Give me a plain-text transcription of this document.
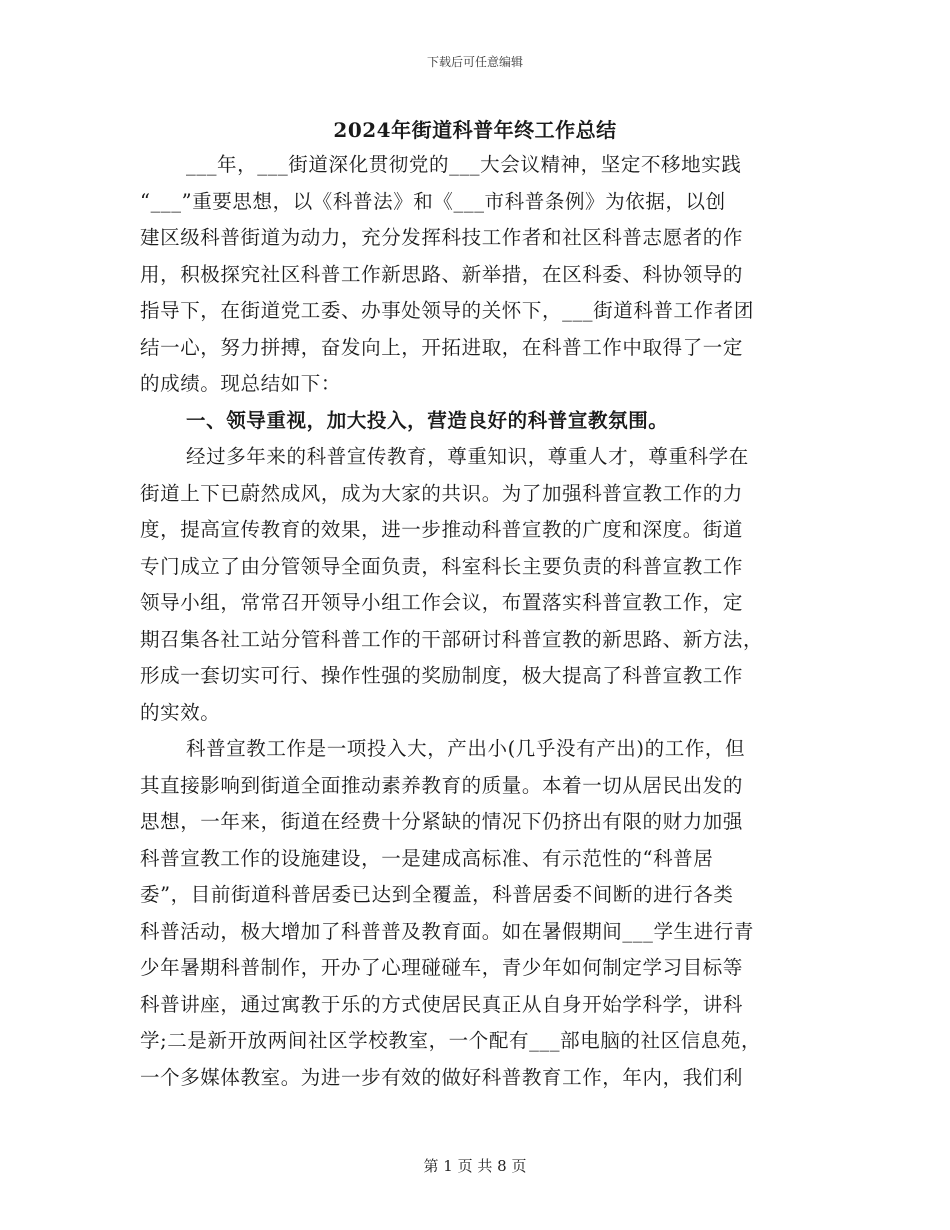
下载后可任意编辑
2024年街道科普年终工作总结
___年，___街道深化贯彻党的___大会议精神，坚定不移地实践
“___”重要思想，以《科普法》和《___市科普条例》为依据，以创
建区级科普街道为动力，充分发挥科技工作者和社区科普志愿者的作
用，积极探究社区科普工作新思路、新举措，在区科委、科协领导的
指导下，在街道党工委、办事处领导的关怀下，___街道科普工作者团
结一心，努力拼搏，奋发向上，开拓进取，在科普工作中取得了一定
的成绩。现总结如下：
一、领导重视，加大投入，营造良好的科普宣教氛围。
经过多年来的科普宣传教育，尊重知识，尊重人才，尊重科学在
街道上下已蔚然成风，成为大家的共识。为了加强科普宣教工作的力
度，提高宣传教育的效果，进一步推动科普宣教的广度和深度。街道
专门成立了由分管领导全面负责，科室科长主要负责的科普宣教工作
领导小组，常常召开领导小组工作会议，布置落实科普宣教工作，定
期召集各社工站分管科普工作的干部研讨科普宣教的新思路、新方法，
形成一套切实可行、操作性强的奖励制度，极大提高了科普宣教工作
的实效。
科普宣教工作是一项投入大，产出小(几乎没有产出)的工作，但
其直接影响到街道全面推动素养教育的质量。本着一切从居民出发的
思想，一年来，街道在经费十分紧缺的情况下仍挤出有限的财力加强
科普宣教工作的设施建设，一是建成高标准、有示范性的“科普居
委”，目前街道科普居委已达到全覆盖，科普居委不间断的进行各类
科普活动，极大增加了科普普及教育面。如在暑假期间___学生进行青
少年暑期科普制作，开办了心理碰碰车，青少年如何制定学习目标等
科普讲座，通过寓教于乐的方式使居民真正从自身开始学科学，讲科
学;二是新开放两间社区学校教室，一个配有___部电脑的社区信息苑，
一个多媒体教室。为进一步有效的做好科普教育工作，年内，我们利
第 1 页 共 8 页
